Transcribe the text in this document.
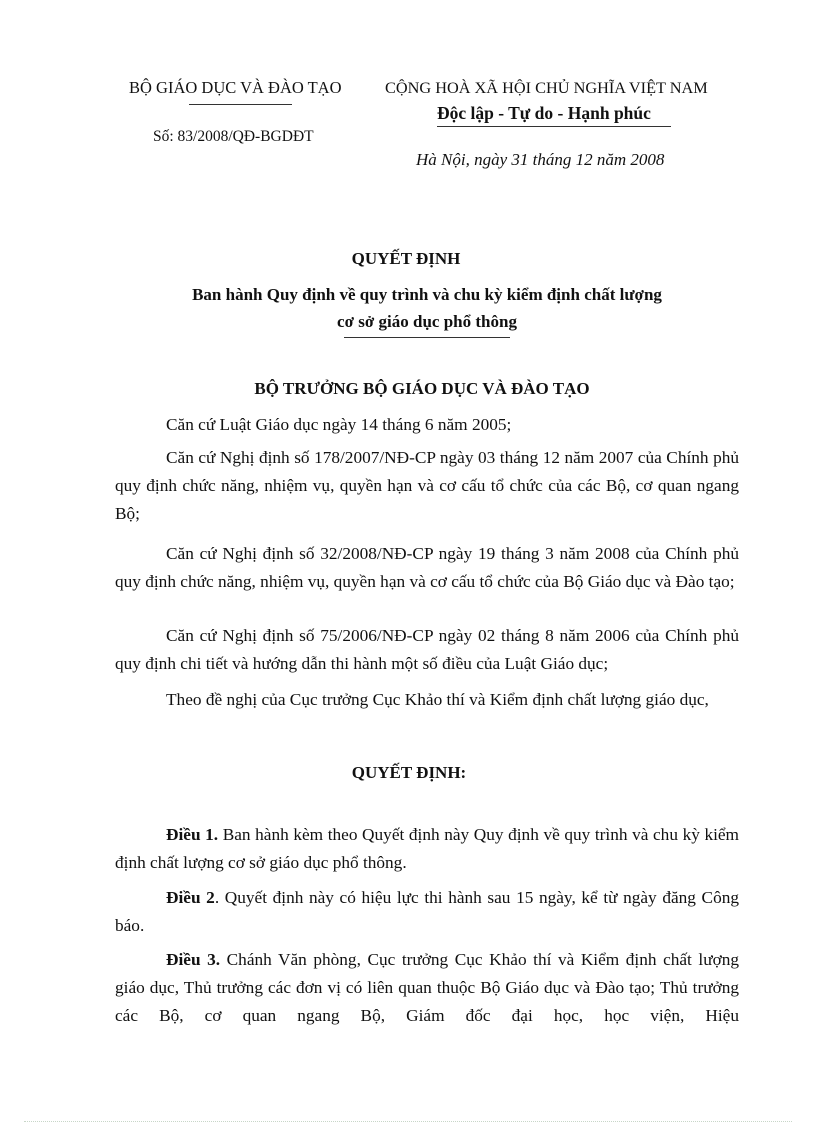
BỘ GIÁO DỤC VÀ ĐÀO TẠO
Số: 83/2008/QĐ-BGDĐT
CỘNG HOÀ XÃ HỘI CHỦ NGHĨA VIỆT NAM
Độc lập - Tự do - Hạnh phúc
Hà Nội, ngày 31 tháng 12 năm 2008
QUYẾT ĐỊNH
Ban hành Quy định về quy trình và chu kỳ kiểm định chất lượng
cơ sở giáo dục phổ thông
BỘ TRƯỞNG BỘ GIÁO DỤC VÀ ĐÀO TẠO
Căn cứ Luật Giáo dục ngày 14 tháng 6 năm 2005;
Căn cứ Nghị định số 178/2007/NĐ-CP ngày 03 tháng 12 năm 2007 của Chính phủ quy định chức năng, nhiệm vụ, quyền hạn và cơ cấu tổ chức của các Bộ, cơ quan ngang Bộ;
Căn cứ Nghị định số 32/2008/NĐ-CP ngày 19 tháng 3 năm 2008 của Chính phủ quy định chức năng, nhiệm vụ, quyền hạn và cơ cấu tổ chức của Bộ Giáo dục và Đào tạo;
Căn cứ Nghị định số 75/2006/NĐ-CP ngày 02 tháng 8 năm 2006 của Chính phủ quy định chi tiết và hướng dẫn thi hành một số điều của Luật Giáo dục;
Theo đề nghị của Cục trưởng Cục Khảo thí và Kiểm định chất lượng giáo dục,
QUYẾT ĐỊNH:
Điều 1. Ban hành kèm theo Quyết định này Quy định về quy trình và chu kỳ kiểm định chất lượng cơ sở giáo dục phổ thông.
Điều 2. Quyết định này có hiệu lực thi hành sau 15 ngày, kể từ ngày đăng Công báo.
Điều 3. Chánh Văn phòng, Cục trưởng Cục Khảo thí và Kiểm định chất lượng giáo dục, Thủ trưởng các đơn vị có liên quan thuộc Bộ Giáo dục và Đào tạo; Thủ trưởng các Bộ, cơ quan ngang Bộ, Giám đốc đại học, học viện, Hiệu
